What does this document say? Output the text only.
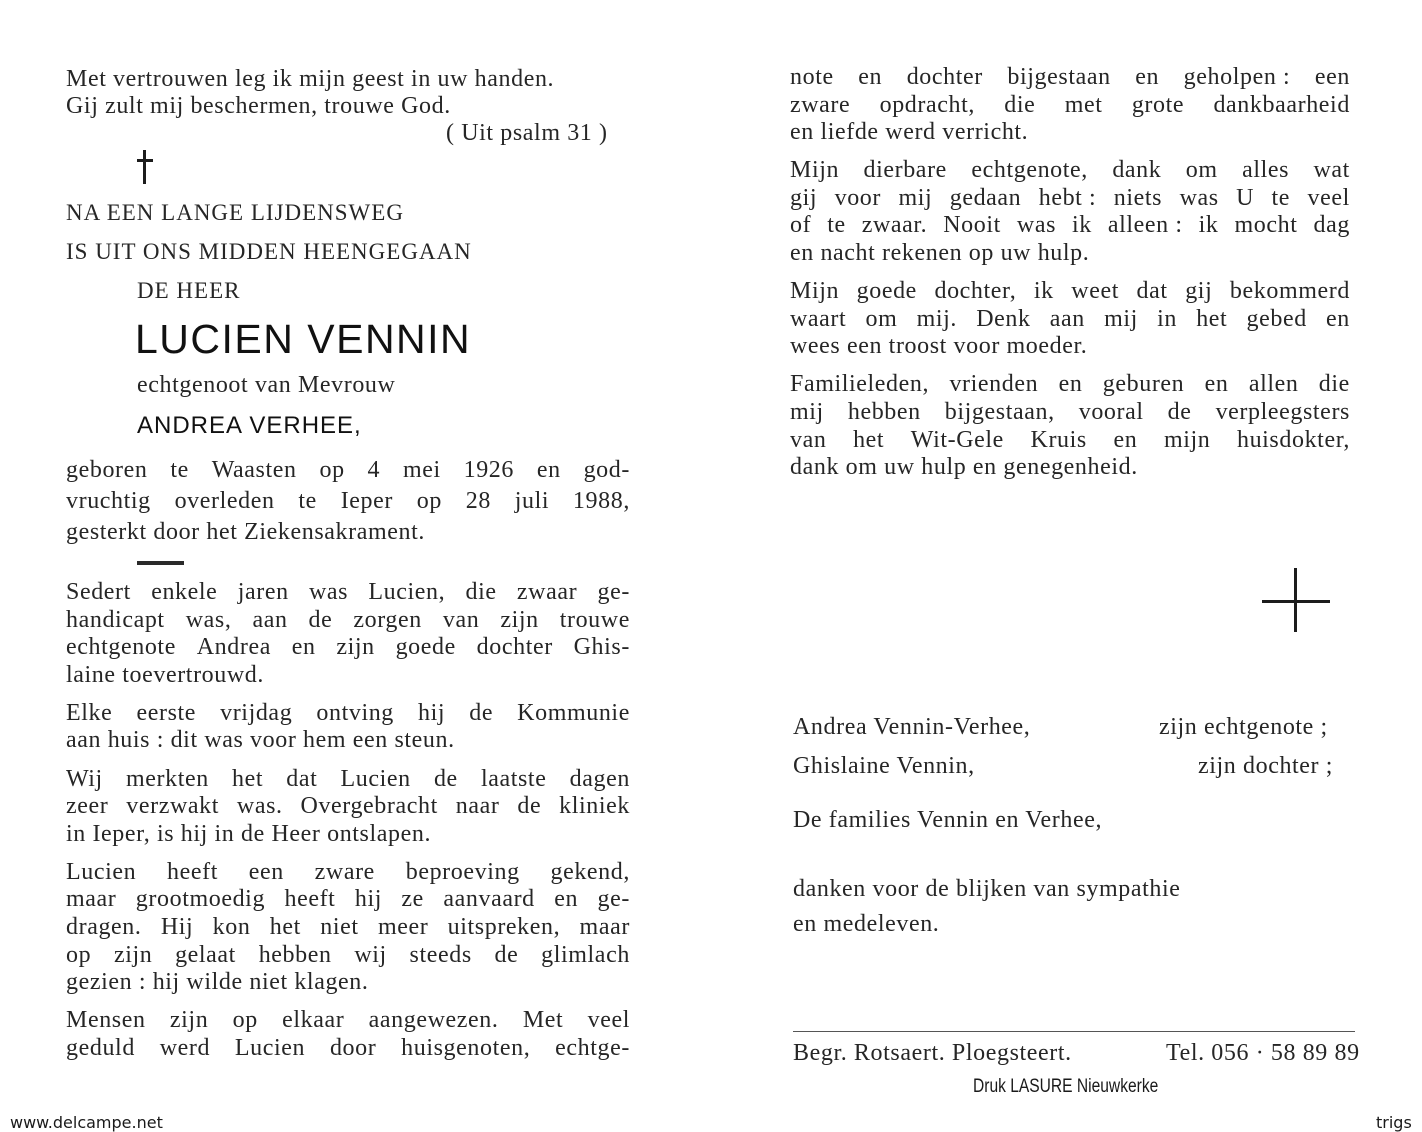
Met vertrouwen leg ik mijn geest in uw handen.
Gij zult mij beschermen, trouwe God.
( Uit psalm 31 )
NA EEN LANGE LIJDENSWEG
IS UIT ONS MIDDEN HEENGEGAAN
DE HEER
LUCIEN VENNIN
echtgenoot van Mevrouw
ANDREA VERHEE,
geboren te Waasten op 4 mei 1926 en god-
vruchtig overleden te Ieper op 28 juli 1988,
gesterkt door het Ziekensakrament.
Sedert enkele jaren was Lucien, die zwaar ge-
handicapt was, aan de zorgen van zijn trouwe
echtgenote Andrea en zijn goede dochter Ghis-
laine toevertrouwd.
Elke eerste vrijdag ontving hij de Kommunie
aan huis : dit was voor hem een steun.
Wij merkten het dat Lucien de laatste dagen
zeer verzwakt was. Overgebracht naar de kliniek
in Ieper, is hij in de Heer ontslapen.
Lucien heeft een zware beproeving gekend,
maar grootmoedig heeft hij ze aanvaard en ge-
dragen. Hij kon het niet meer uitspreken, maar
op zijn gelaat hebben wij steeds de glimlach
gezien : hij wilde niet klagen.
Mensen zijn op elkaar aangewezen. Met veel
geduld werd Lucien door huisgenoten, echtge-
note en dochter bijgestaan en geholpen : een
zware opdracht, die met grote dankbaarheid
en liefde werd verricht.
Mijn dierbare echtgenote, dank om alles wat
gij voor mij gedaan hebt : niets was U te veel
of te zwaar. Nooit was ik alleen : ik mocht dag
en nacht rekenen op uw hulp.
Mijn goede dochter, ik weet dat gij bekommerd
waart om mij. Denk aan mij in het gebed en
wees een troost voor moeder.
Familieleden, vrienden en geburen en allen die
mij hebben bijgestaan, vooral de verpleegsters
van het Wit-Gele Kruis en mijn huisdokter,
dank om uw hulp en genegenheid.
Andrea Vennin-Verhee,	zijn echtgenote ;
Ghislaine Vennin,	zijn dochter ;
De families Vennin en Verhee,
danken voor de blijken van sympathie
en medeleven.
Begr. Rotsaert. Ploegsteert.	Tel. 056 · 58 89 89
Druk LASURE Nieuwkerke
www.delcampe.net	trigs
